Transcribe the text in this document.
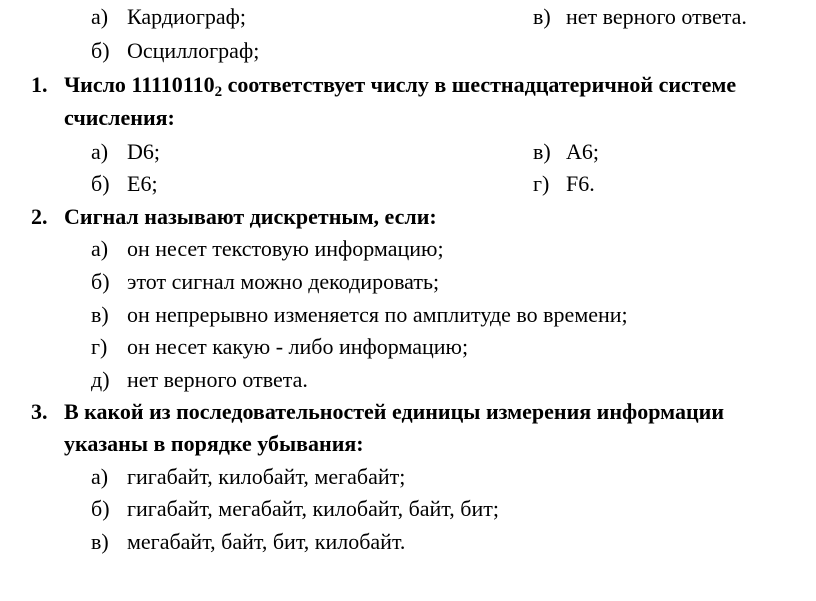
а) Кардиограф;	в) нет верного ответа.
б) Осциллограф;
1. Число $11110110_2$ соответствует числу в шестнадцатеричной системе
счисления:
а) D6;	в) A6;
б) E6;	г) F6.
2. Сигнал называют дискретным, если:
а) он несет текстовую информацию;
б) этот сигнал можно декодировать;
в) он непрерывно изменяется по амплитуде во времени;
г) он несет какую - либо информацию;
д) нет верного ответа.
3. В какой из последовательностей единицы измерения информации
указаны в порядке убывания:
а) гигабайт, килобайт, мегабайт;
б) гигабайт, мегабайт, килобайт, байт, бит;
в) мегабайт, байт, бит, килобайт.
